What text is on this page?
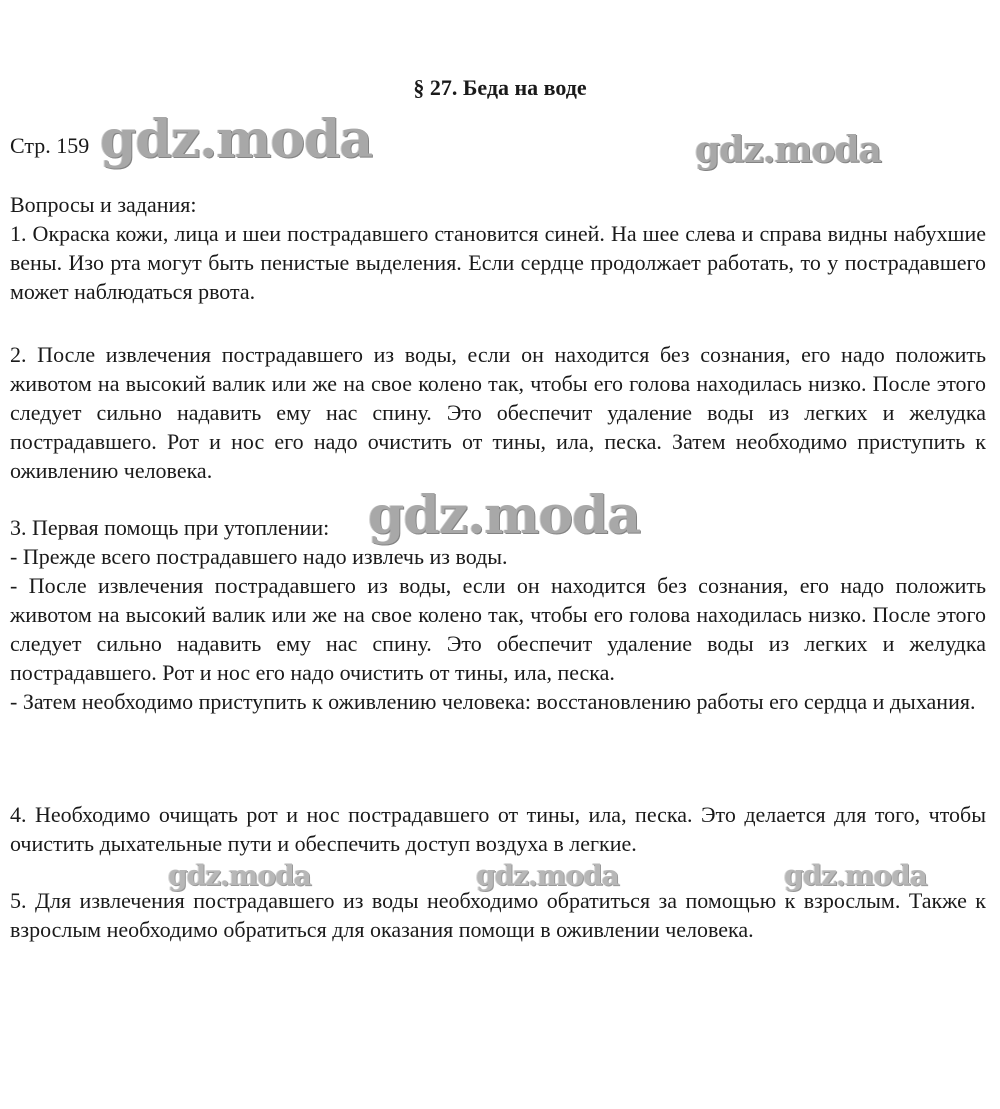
§ 27. Беда на воде
Стр. 159

Вопросы и задания:

1. Окраска кожи, лица и шеи пострадавшего становится синей. На шее слева и справа видны набухшие вены. Изо рта могут быть пенистые выделения. Если сердце продолжает работать, то у пострадавшего может наблюдаться рвота.

2. После извлечения пострадавшего из воды, если он находится без сознания, его надо положить животом на высокий валик или же на свое колено так, чтобы его голова находилась низко. После этого следует сильно надавить ему нас спину. Это обеспечит удаление воды из легких и желудка пострадавшего. Рот и нос его надо очистить от тины, ила, песка. Затем необходимо приступить к оживлению человека.

3. Первая помощь при утоплении:

- Прежде всего пострадавшего надо извлечь из воды.

- После извлечения пострадавшего из воды, если он находится без сознания, его надо положить животом на высокий валик или же на свое колено так, чтобы его голова находилась низко. После этого следует сильно надавить ему нас спину. Это обеспечит удаление воды из легких и желудка пострадавшего. Рот и нос его надо очистить от тины, ила, песка.

- Затем необходимо приступить к оживлению человека: восстановлению работы его сердца и дыхания.

4. Необходимо очищать рот и нос пострадавшего от тины, ила, песка. Это делается для того, чтобы очистить дыхательные пути и обеспечить доступ воздуха в легкие.

5. Для извлечения пострадавшего из воды необходимо обратиться за помощью к взрослым. Также к взрослым необходимо обратиться для оказания помощи в оживлении человека.

gdz.moda	gdz.moda
gdz.moda
gdz.moda	gdz.moda	gdz.moda
